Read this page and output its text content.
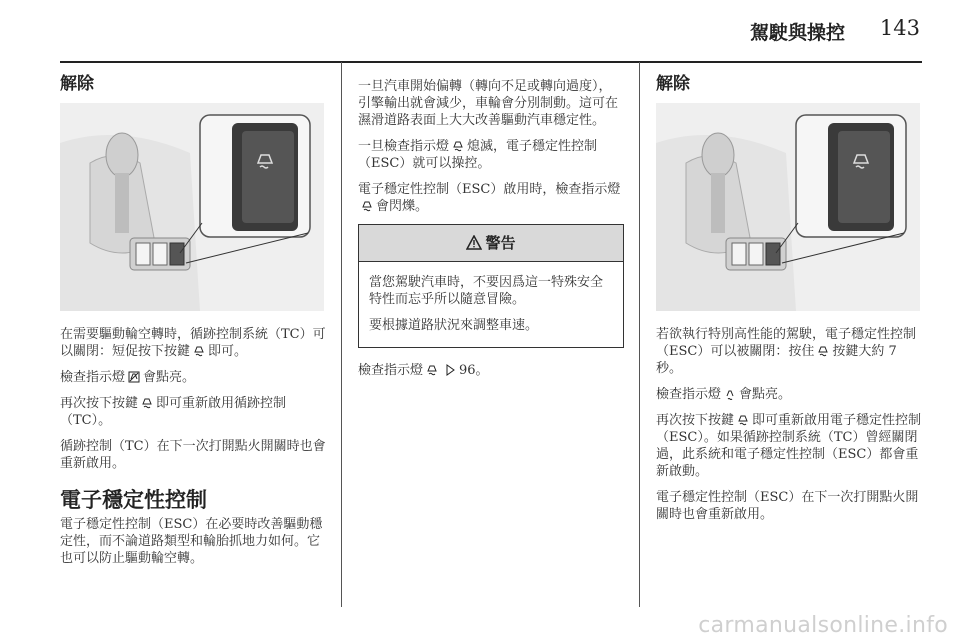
駕駛與操控 143
解除

在需要驅動輪空轉時，循跡控制系統（TC）可以關閉：短促按下按鍵 即可。

檢查指示燈 會點亮。

再次按下按鍵 即可重新啟用循跡控制（TC）。

循跡控制（TC）在下一次打開點火開關時也會重新啟用。

電子穩定性控制

電子穩定性控制（ESC）在必要時改善驅動穩定性，而不論道路類型和輪胎抓地力如何。它也可以防止驅動輪空轉。

一旦汽車開始偏轉（轉向不足或轉向過度），引擎輸出就會減少，車輪會分別制動。這可在濕滑道路表面上大大改善驅動汽車穩定性。

一旦檢查指示燈 熄滅，電子穩定性控制（ESC）就可以操控。

電子穩定性控制（ESC）啟用時，檢查指示燈會閃爍。

警告

當您駕駛汽車時，不要因爲這一特殊安全特性而忘乎所以隨意冒險。

要根據道路狀況來調整車速。

檢查指示燈	96。

解除

若欲執行特別高性能的駕駛，電子穩定性控制（ESC）可以被關閉：按住 按鍵大約 7 秒。

檢查指示燈 會點亮。

再次按下按鍵 即可重新啟用電子穩定性控制（ESC）。如果循跡控制系統（TC）曾經關閉過，此系統和電子穩定性控制（ESC）都會重新啟動。

電子穩定性控制（ESC）在下一次打開點火開關時也會重新啟用。

carmanualsonline.info
